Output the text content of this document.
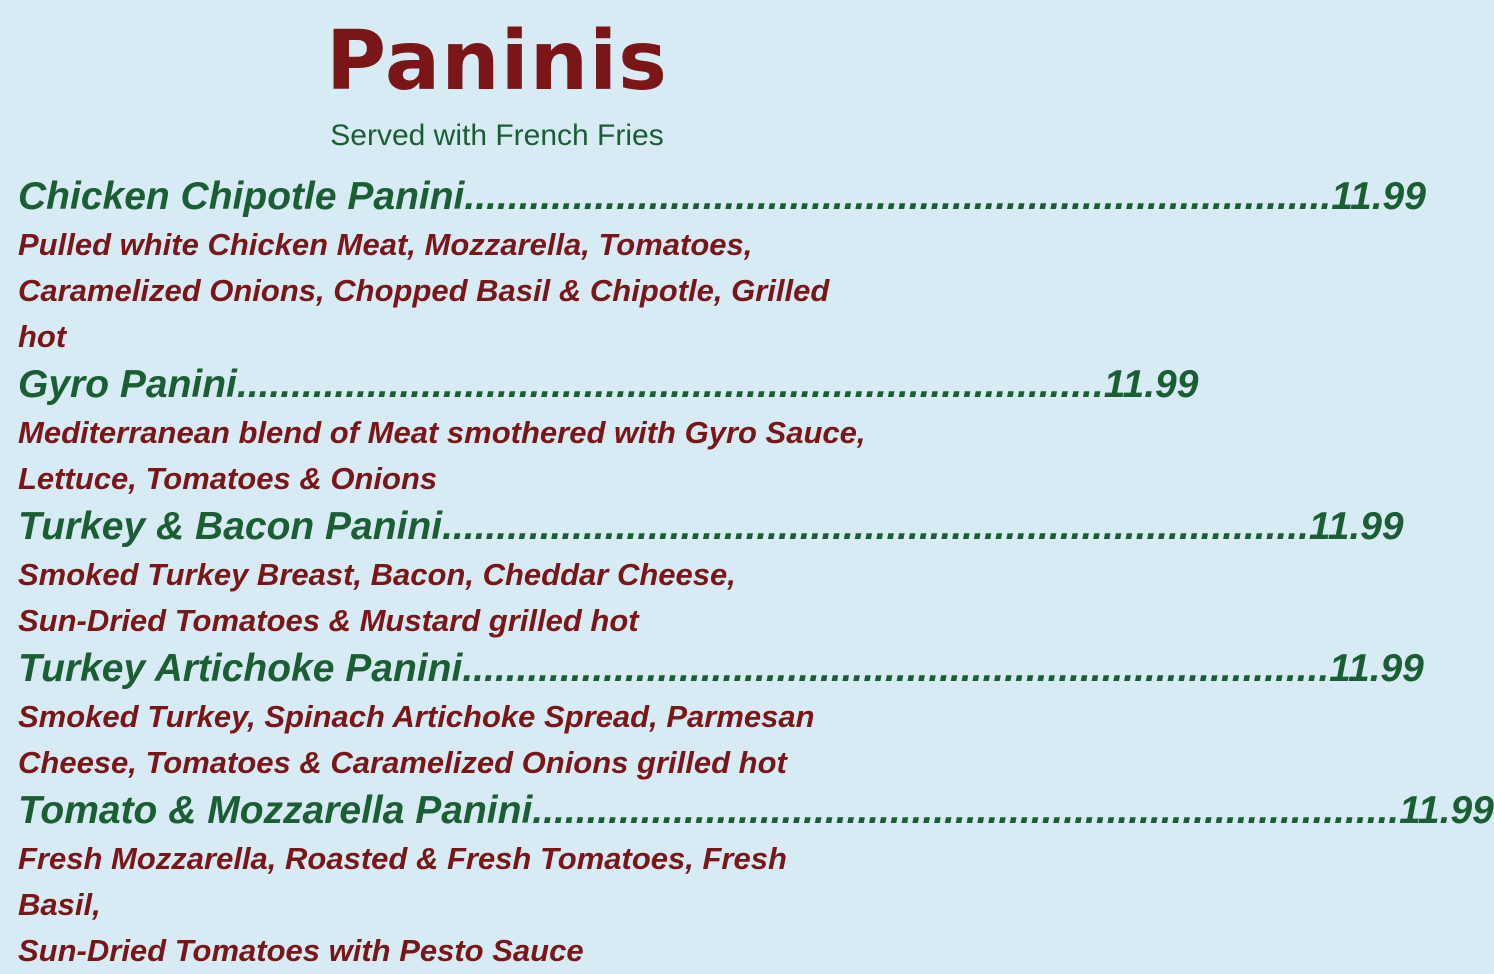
Paninis
Served with French Fries
Chicken Chipotle Panini ................................................................................ 11.99

Pulled white Chicken Meat, Mozzarella, Tomatoes,

Caramelized Onions, Chopped Basil & Chipotle, Grilled

hot

Gyro Panini ................................................................................ 11.99

Mediterranean blend of Meat smothered with Gyro Sauce,

Lettuce, Tomatoes & Onions

Turkey & Bacon Panini ................................................................................ 11.99

Smoked Turkey Breast, Bacon, Cheddar Cheese,

Sun-Dried Tomatoes & Mustard grilled hot

Turkey Artichoke Panini ................................................................................ 11.99

Smoked Turkey, Spinach Artichoke Spread, Parmesan

Cheese, Tomatoes & Caramelized Onions grilled hot

Tomato & Mozzarella Panini ................................................................................ 11.99

Fresh Mozzarella, Roasted & Fresh Tomatoes, Fresh Basil,

Sun-Dried Tomatoes with Pesto Sauce
